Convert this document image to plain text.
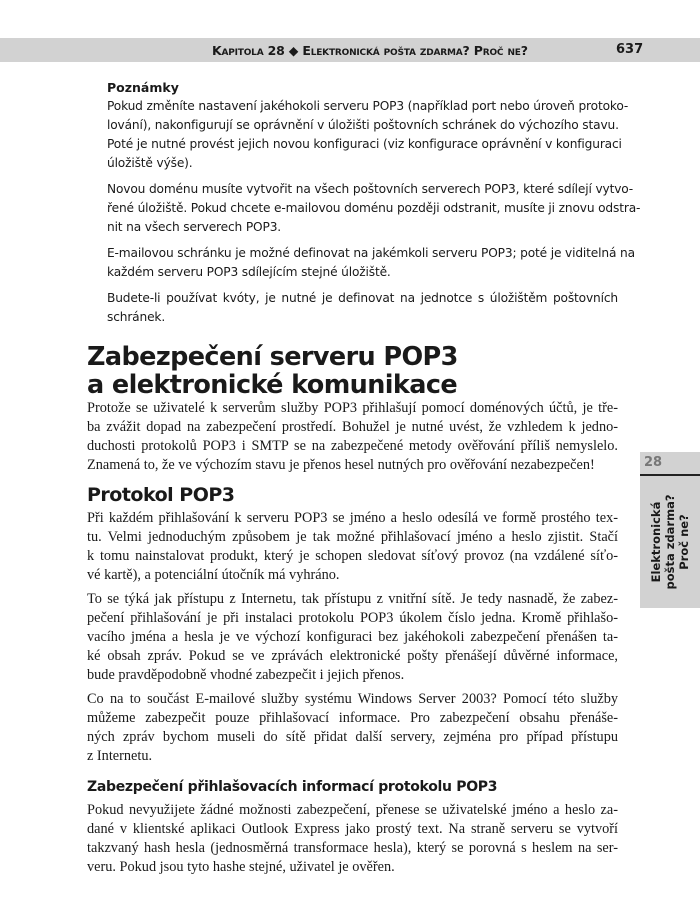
Kapitola 28 ◆ Elektronická pošta zdarma? Proč ne?	637
Poznámky
Pokud změníte nastavení jakéhokoli serveru POP3 (například port nebo úroveň protoko-
lování), nakonfigurují se oprávnění v úložišti poštovních schránek do výchozího stavu.
Poté je nutné provést jejich novou konfiguraci (viz konfigurace oprávnění v konfiguraci
úložiště výše).
Novou doménu musíte vytvořit na všech poštovních serverech POP3, které sdílejí vytvo-
řené úložiště. Pokud chcete e-mailovou doménu později odstranit, musíte ji znovu odstra-
nit na všech serverech POP3.
E-mailovou schránku je možné definovat na jakémkoli serveru POP3; poté je viditelná na
každém serveru POP3 sdílejícím stejné úložiště.
Budete-li používat kvóty, je nutné je definovat na jednotce s úložištěm poštovních
schránek.
Zabezpečení serveru POP3
a elektronické komunikace
Protože se uživatelé k serverům služby POP3 přihlašují pomocí doménových účtů, je tře-
ba zvážit dopad na zabezpečení prostředí. Bohužel je nutné uvést, že vzhledem k jedno-
duchosti protokolů POP3 i SMTP se na zabezpečené metody ověřování příliš nemyslelo.
Znamená to, že ve výchozím stavu je přenos hesel nutných pro ověřování nezabezpečen!
Protokol POP3
Při každém přihlašování k serveru POP3 se jméno a heslo odesílá ve formě prostého tex-
tu. Velmi jednoduchým způsobem je tak možné přihlašovací jméno a heslo zjistit. Stačí
k tomu nainstalovat produkt, který je schopen sledovat síťový provoz (na vzdálené síťo-
vé kartě), a potenciální útočník má vyhráno.
To se týká jak přístupu z Internetu, tak přístupu z vnitřní sítě. Je tedy nasnadě, že zabez-
pečení přihlašování je při instalaci protokolu POP3 úkolem číslo jedna. Kromě přihlašo-
vacího jména a hesla je ve výchozí konfiguraci bez jakéhokoli zabezpečení přenášen ta-
ké obsah zpráv. Pokud se ve zprávách elektronické pošty přenášejí důvěrné informace,
bude pravděpodobně vhodné zabezpečit i jejich přenos.
Co na to součást E-mailové služby systému Windows Server 2003? Pomocí této služby
můžeme zabezpečit pouze přihlašovací informace. Pro zabezpečení obsahu přenáše-
ných zpráv bychom museli do sítě přidat další servery, zejména pro případ přístupu
z Internetu.
Zabezpečení přihlašovacích informací protokolu POP3
Pokud nevyužijete žádné možnosti zabezpečení, přenese se uživatelské jméno a heslo za-
dané v klientské aplikaci Outlook Express jako prostý text. Na straně serveru se vytvoří
takzvaný hash hesla (jednosměrná transformace hesla), který se porovná s heslem na ser-
veru. Pokud jsou tyto hashe stejné, uživatel je ověřen.
28
Elektronická pošta zdarma? Proč ne?
